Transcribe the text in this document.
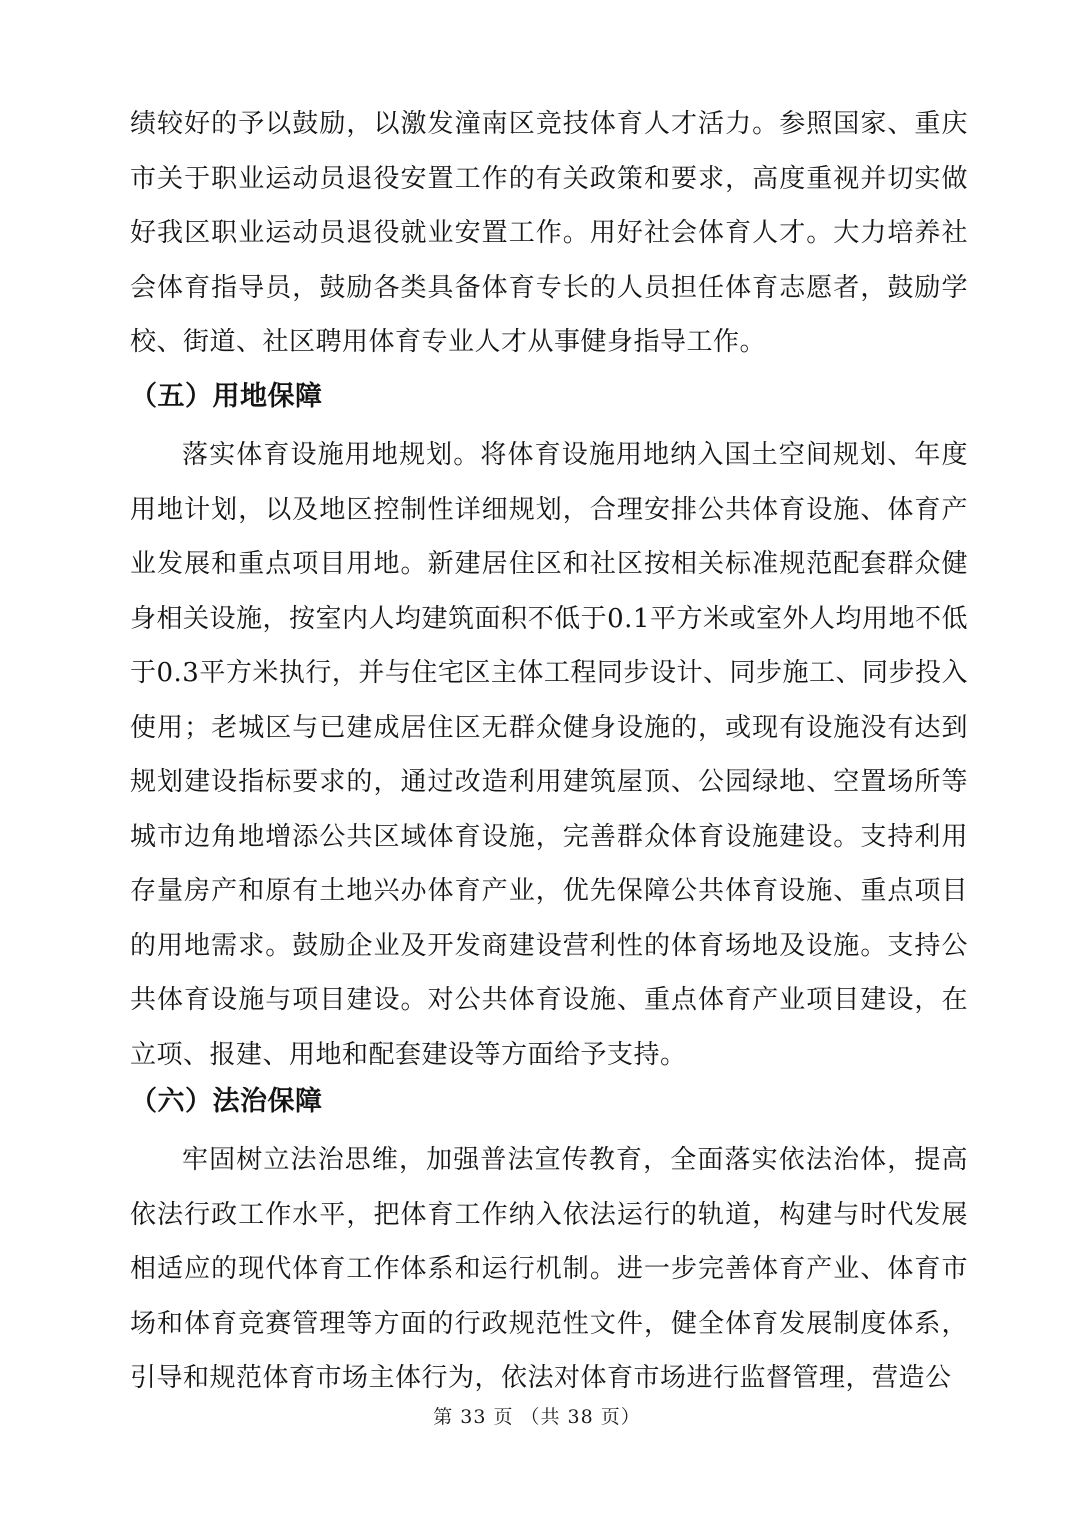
绩较好的予以鼓励，以激发潼南区竞技体育人才活力。参照国家、重庆市关于职业运动员退役安置工作的有关政策和要求，高度重视并切实做好我区职业运动员退役就业安置工作。用好社会体育人才。大力培养社会体育指导员，鼓励各类具备体育专长的人员担任体育志愿者，鼓励学校、街道、社区聘用体育专业人才从事健身指导工作。

（五）用地保障

落实体育设施用地规划。将体育设施用地纳入国土空间规划、年度用地计划，以及地区控制性详细规划，合理安排公共体育设施、体育产业发展和重点项目用地。新建居住区和社区按相关标准规范配套群众健身相关设施，按室内人均建筑面积不低于0.1平方米或室外人均用地不低于0.3平方米执行，并与住宅区主体工程同步设计、同步施工、同步投入使用；老城区与已建成居住区无群众健身设施的，或现有设施没有达到规划建设指标要求的，通过改造利用建筑屋顶、公园绿地、空置场所等城市边角地增添公共区域体育设施，完善群众体育设施建设。支持利用存量房产和原有土地兴办体育产业，优先保障公共体育设施、重点项目的用地需求。鼓励企业及开发商建设营利性的体育场地及设施。支持公共体育设施与项目建设。对公共体育设施、重点体育产业项目建设，在立项、报建、用地和配套建设等方面给予支持。

（六）法治保障

牢固树立法治思维，加强普法宣传教育，全面落实依法治体，提高依法行政工作水平，把体育工作纳入依法运行的轨道，构建与时代发展相适应的现代体育工作体系和运行机制。进一步完善体育产业、体育市场和体育竞赛管理等方面的行政规范性文件，健全体育发展制度体系，引导和规范体育市场主体行为，依法对体育市场进行监督管理，营造公

第 33 页 （共 38 页）
